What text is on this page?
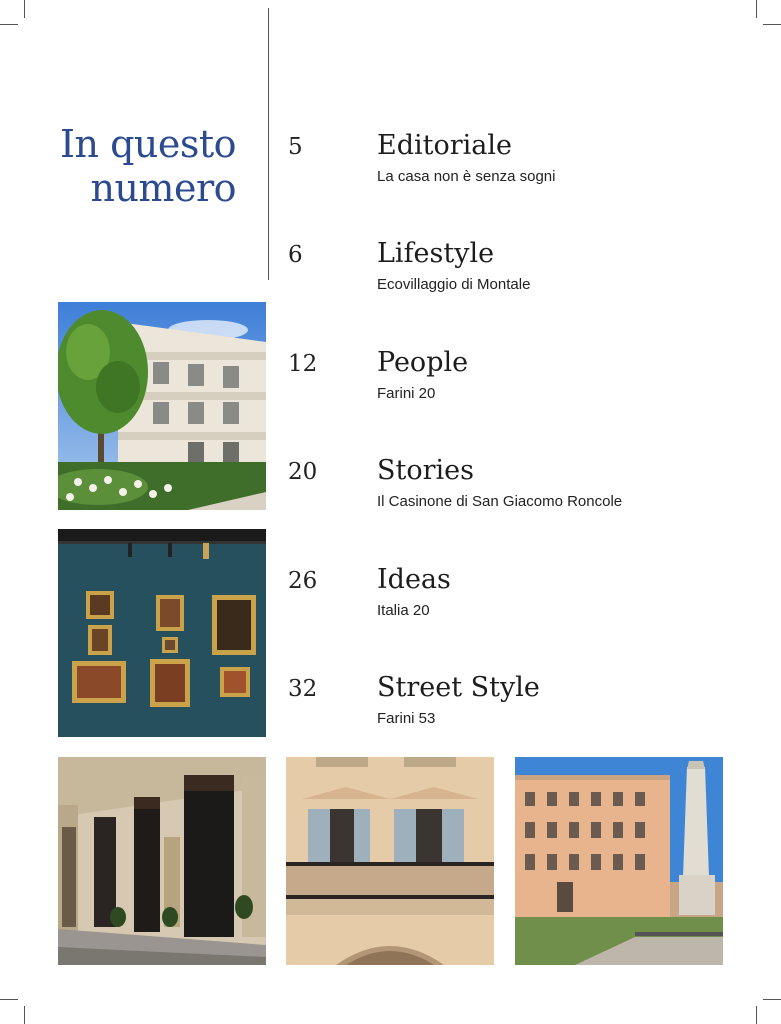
In questo
numero
5	Editoriale
La casa non è senza sogni
6	Lifestyle
Ecovillaggio di Montale
12 People
Farini 20
20 Stories
Il Casinone di San Giacomo Roncole
26 Ideas
Italia 20
32 Street Style
Farini 53
